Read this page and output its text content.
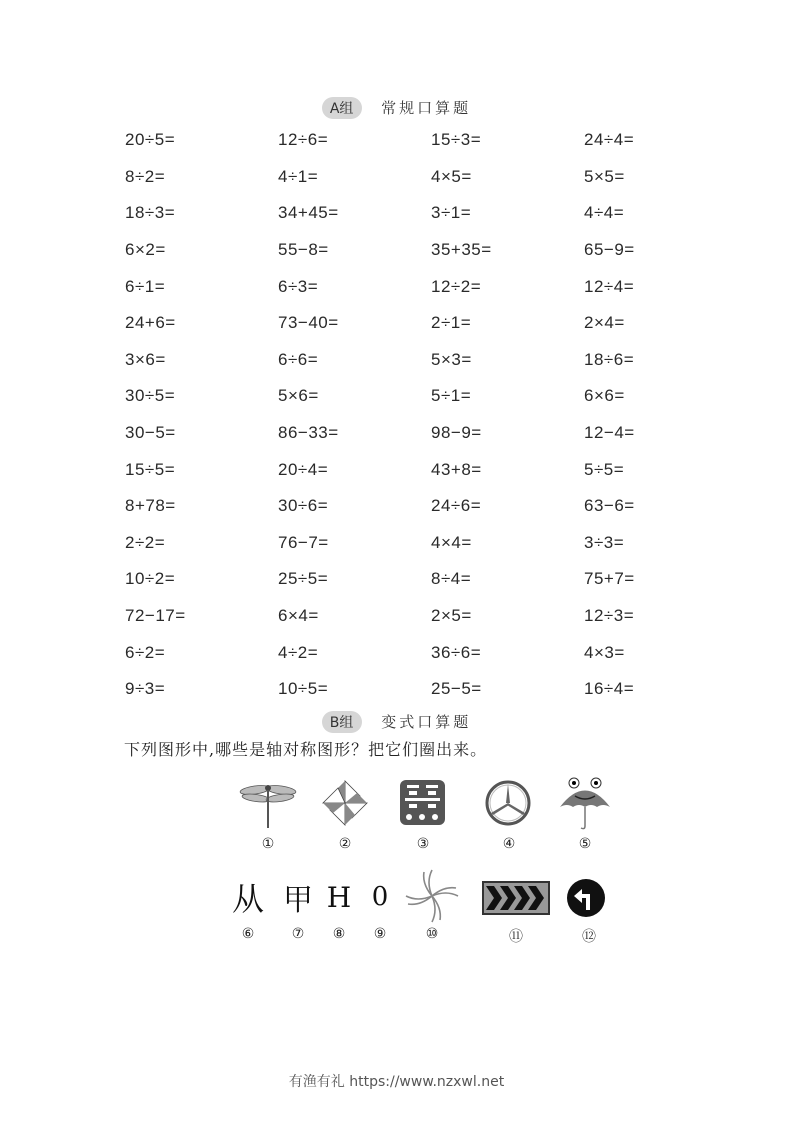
A组 常规口算题
20÷5=	12÷6=	15÷3=	24÷4=
8÷2=	4÷1=	4×5=	5×5=
18÷3=	34+45=	3÷1=	4÷4=
6×2=	55−8=	35+35=	65−9=
6÷1=	6÷3=	12÷2=	12÷4=
24+6=	73−40=	2÷1=	2×4=
3×6=	6÷6=	5×3=	18÷6=
30÷5=	5×6=	5÷1=	6×6=
30−5=	86−33=	98−9=	12−4=
15÷5=	20÷4=	43+8=	5÷5=
8+78=	30÷6=	24÷6=	63−6=
2÷2=	76−7=	4×4=	3÷3=
10÷2=	25÷5=	8÷4=	75+7=
72−17=	6×4=	2×5=	12÷3=
6÷2=	4÷2=	36÷6=	4×3=
9÷3=	10÷5=	25−5=	16÷4=
B组 变式口算题
下列图形中,哪些是轴对称图形？把它们圈出来。
①	②	③	④	⑤
从 甲 H 0
⑥	⑦	⑧	⑨	⑩	⑪	⑫
有渔有礼 https://www.nzxwl.net
